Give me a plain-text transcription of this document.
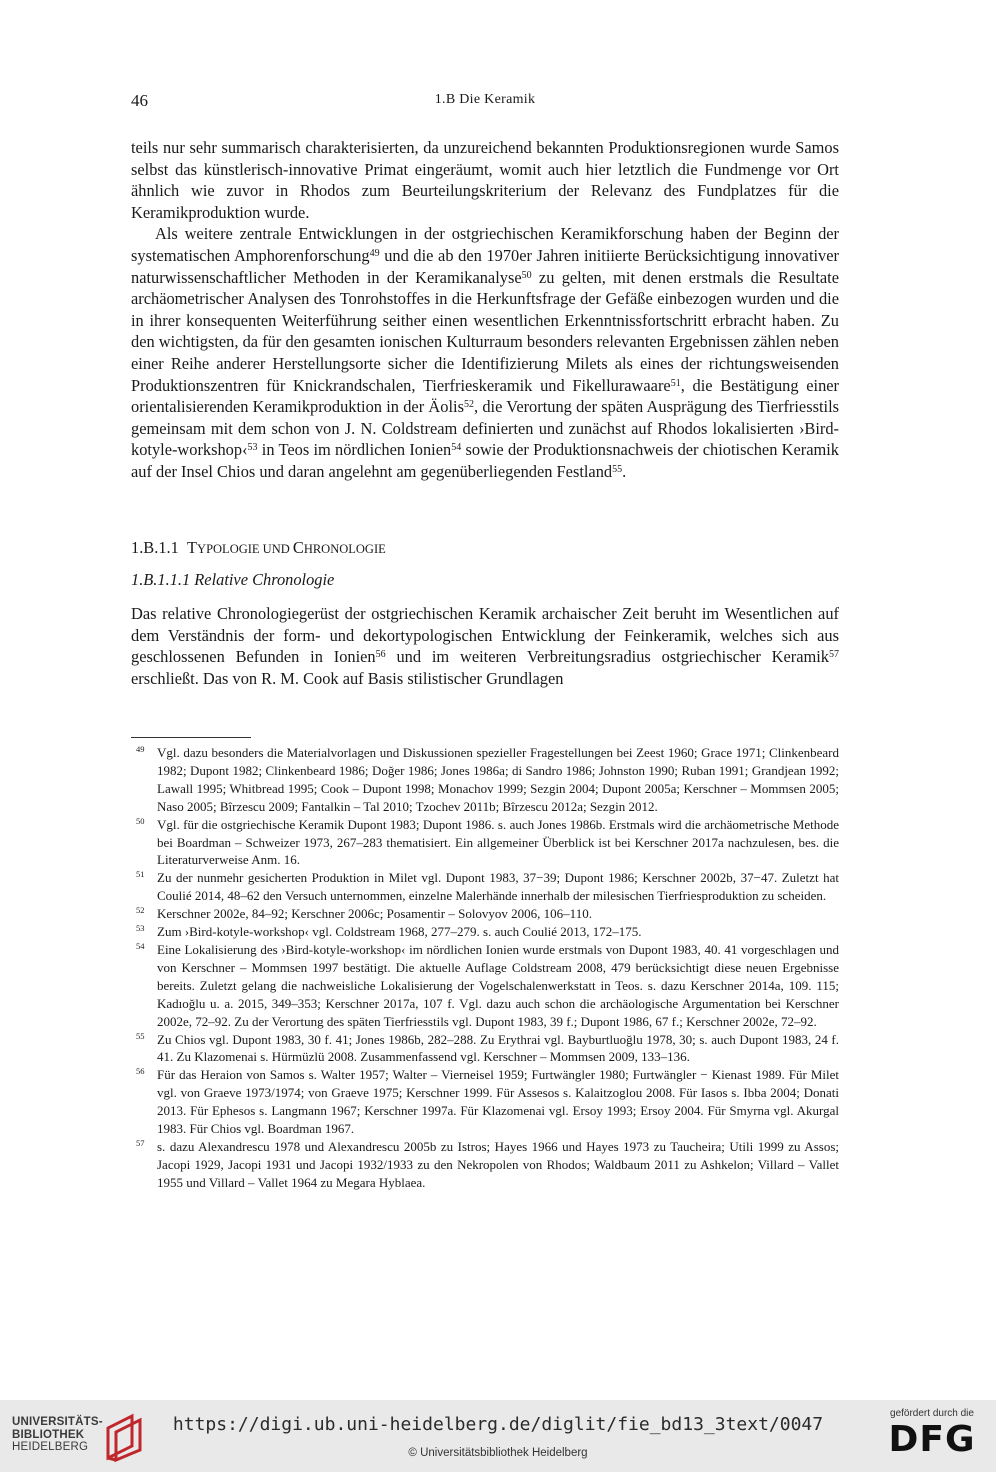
46	1.B Die Keramik

teils nur sehr summarisch charakterisierten, da unzureichend bekannten Produktionsregionen wurde Samos selbst das künstlerisch-innovative Primat eingeräumt, womit auch hier letztlich die Fundmenge vor Ort ähnlich wie zuvor in Rhodos zum Beurteilungskriterium der Relevanz des Fundplatzes für die Keramikproduktion wurde.

Als weitere zentrale Entwicklungen in der ostgriechischen Keramikforschung haben der Beginn der systematischen Amphorenforschung$^{49}$ und die ab den 1970er Jahren initiierte Berücksichtigung innovativer naturwissenschaftlicher Methoden in der Keramikanalyse$^{50}$ zu gelten, mit denen erstmals die Resultate archäometrischer Analysen des Tonrohstoffes in die Herkunftsfrage der Gefäße einbezogen wurden und die in ihrer konsequenten Weiterführung seither einen wesentlichen Erkenntnissfortschritt erbracht haben. Zu den wichtigsten, da für den gesamten ionischen Kulturraum besonders relevanten Ergebnissen zählen neben einer Reihe anderer Herstellungsorte sicher die Identifizierung Milets als eines der richtungsweisenden Produktionszentren für Knickrandschalen, Tierfrieskeramik und Fikellurawaare$^{51}$, die Bestätigung einer orientalisierenden Keramikproduktion in der Äolis$^{52}$, die Verortung der späten Ausprägung des Tierfriesstils gemeinsam mit dem schon von J. N. Coldstream definierten und zunächst auf Rhodos lokalisierten ›Bird-kotyle-workshop‹$^{53}$ in Teos im nördlichen Ionien$^{54}$ sowie der Produktionsnachweis der chiotischen Keramik auf der Insel Chios und daran angelehnt am gegenüberliegenden Festland$^{55}$.

1.B.1.1 TYPOLOGIE UND CHRONOLOGIE
1.B.1.1.1 Relative Chronologie

Das relative Chronologiegerüst der ostgriechischen Keramik archaischer Zeit beruht im Wesentlichen auf dem Verständnis der form- und dekortypologischen Entwicklung der Feinkeramik, welches sich aus geschlossenen Befunden in Ionien$^{56}$ und im weiteren Verbreitungsradius ostgriechischer Keramik$^{57}$ erschließt. Das von R. M. Cook auf Basis stilistischer Grundlagen

49 Vgl. dazu besonders die Materialvorlagen und Diskussionen spezieller Fragestellungen bei Zeest 1960; Grace 1971; Clinkenbeard 1982; Dupont 1982; Clinkenbeard 1986; Doğer 1986; Jones 1986a; di Sandro 1986; Johnston 1990; Ruban 1991; Grandjean 1992; Lawall 1995; Whitbread 1995; Cook – Dupont 1998; Monachov 1999; Sezgin 2004; Dupont 2005a; Kerschner – Mommsen 2005; Naso 2005; Bîrzescu 2009; Fantalkin – Tal 2010; Tzochev 2011b; Bîrzescu 2012a; Sezgin 2012.

50 Vgl. für die ostgriechische Keramik Dupont 1983; Dupont 1986. s. auch Jones 1986b. Erstmals wird die archäometrische Methode bei Boardman – Schweizer 1973, 267–283 thematisiert. Ein allgemeiner Überblick ist bei Kerschner 2017a nachzulesen, bes. die Literaturverweise Anm. 16.

51 Zu der nunmehr gesicherten Produktion in Milet vgl. Dupont 1983, 37−39; Dupont 1986; Kerschner 2002b, 37−47. Zuletzt hat Coulié 2014, 48–62 den Versuch unternommen, einzelne Malerhände innerhalb der milesischen Tierfriesproduktion zu scheiden.

52 Kerschner 2002e, 84–92; Kerschner 2006c; Posamentir – Solovyov 2006, 106–110.

53 Zum ›Bird-kotyle-workshop‹ vgl. Coldstream 1968, 277–279. s. auch Coulié 2013, 172–175.

54 Eine Lokalisierung des ›Bird-kotyle-workshop‹ im nördlichen Ionien wurde erstmals von Dupont 1983, 40. 41 vorgeschlagen und von Kerschner – Mommsen 1997 bestätigt. Die aktuelle Auflage Coldstream 2008, 479 berücksichtigt diese neuen Ergebnisse bereits. Zuletzt gelang die nachweisliche Lokalisierung der Vogelschalenwerkstatt in Teos. s. dazu Kerschner 2014a, 109. 115; Kadıoğlu u. a. 2015, 349–353; Kerschner 2017a, 107 f. Vgl. dazu auch schon die archäologische Argumentation bei Kerschner 2002e, 72–92. Zu der Verortung des späten Tierfriesstils vgl. Dupont 1983, 39 f.; Dupont 1986, 67 f.; Kerschner 2002e, 72–92.

55 Zu Chios vgl. Dupont 1983, 30 f. 41; Jones 1986b, 282–288. Zu Erythrai vgl. Bayburtluoğlu 1978, 30; s. auch Dupont 1983, 24 f. 41. Zu Klazomenai s. Hürmüzlü 2008. Zusammenfassend vgl. Kerschner – Mommsen 2009, 133–136.

56 Für das Heraion von Samos s. Walter 1957; Walter – Vierneisel 1959; Furtwängler 1980; Furtwängler − Kienast 1989. Für Milet vgl. von Graeve 1973/1974; von Graeve 1975; Kerschner 1999. Für Assesos s. Kalaitzoglou 2008. Für Iasos s. Ibba 2004; Donati 2013. Für Ephesos s. Langmann 1967; Kerschner 1997a. Für Klazomenai vgl. Ersoy 1993; Ersoy 2004. Für Smyrna vgl. Akurgal 1983. Für Chios vgl. Boardman 1967.

57 s. dazu Alexandrescu 1978 und Alexandrescu 2005b zu Istros; Hayes 1966 und Hayes 1973 zu Taucheira; Utili 1999 zu Assos; Jacopi 1929, Jacopi 1931 und Jacopi 1932/1933 zu den Nekropolen von Rhodos; Waldbaum 2011 zu Ashkelon; Villard – Vallet 1955 und Villard – Vallet 1964 zu Megara Hyblaea.

UNIVERSITÄTS-
BIBLIOTHEK
HEIDELBERG
https://digi.ub.uni-heidelberg.de/diglit/fie_bd13_3text/0047
© Universitätsbibliothek Heidelberg
gefördert durch die
DFG
